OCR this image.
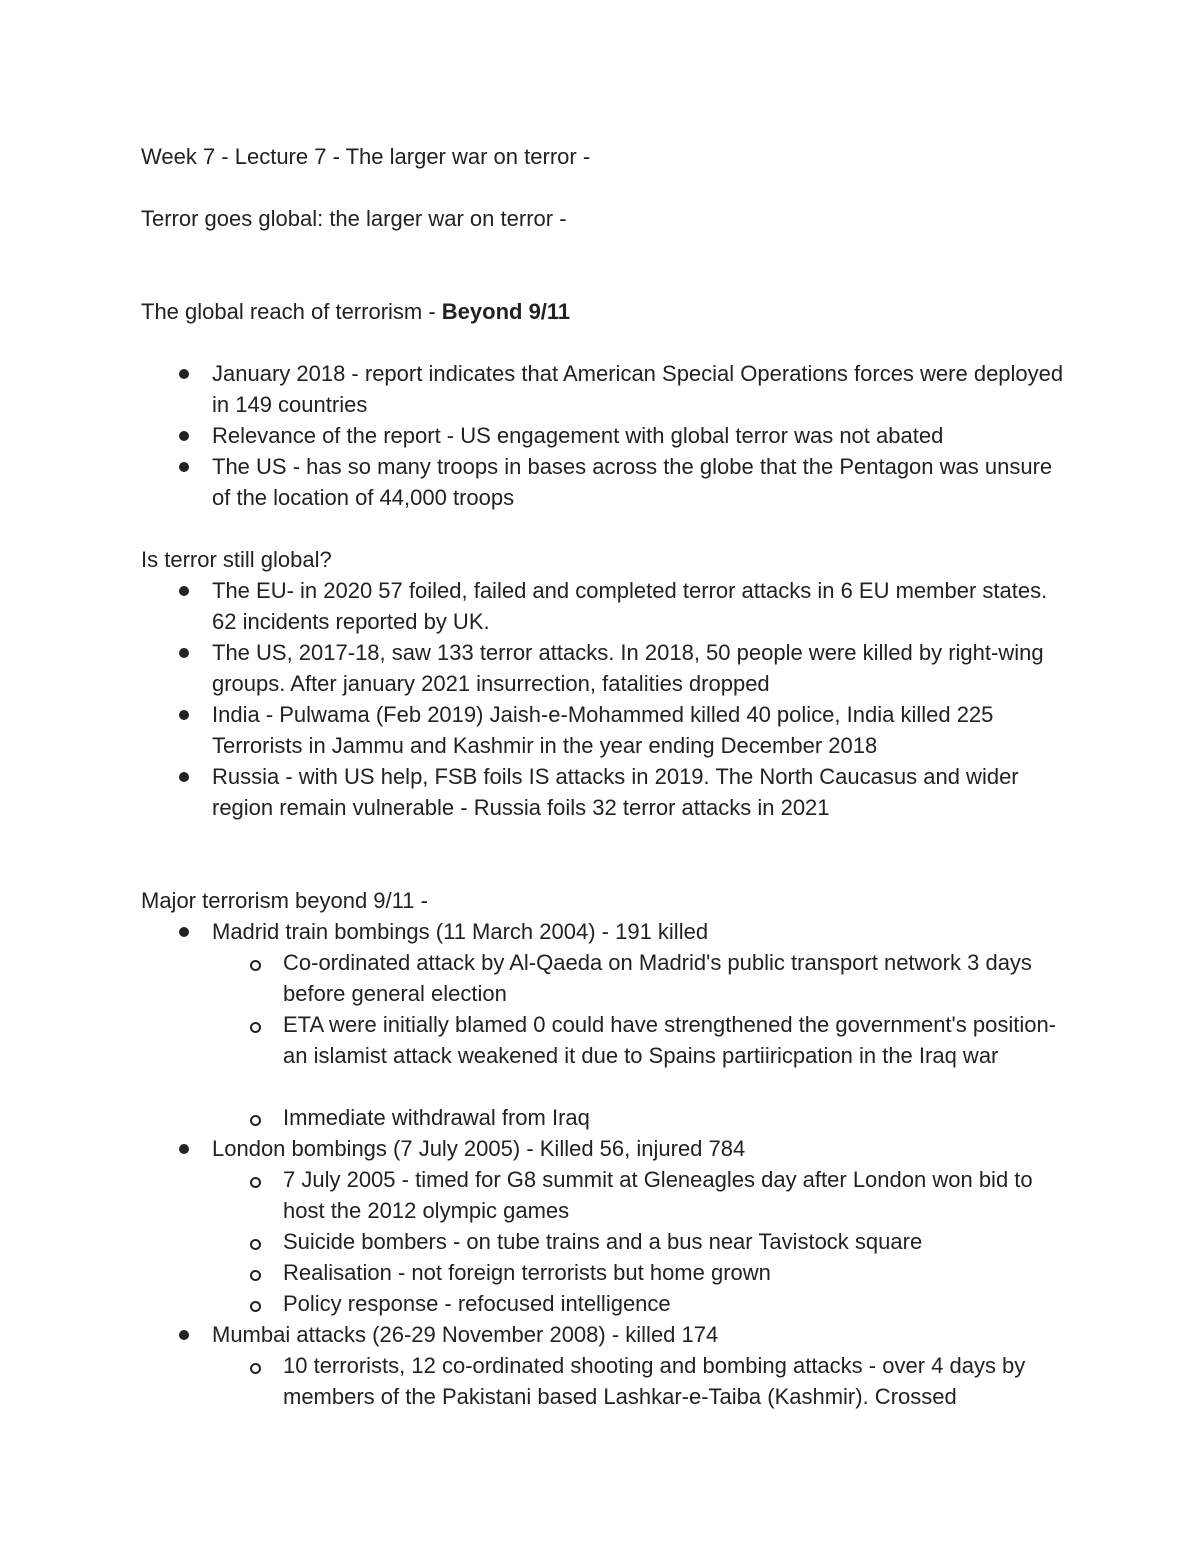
Week 7 - Lecture 7 - The larger war on terror -
Terror goes global: the larger war on terror -
The global reach of terrorism - Beyond 9/11
January 2018 - report indicates that American Special Operations forces were deployed in 149 countries
Relevance of the report - US engagement with global terror was not abated
The US - has so many troops in bases across the globe that the Pentagon was unsure of the location of 44,000 troops
Is terror still global?
The EU- in 2020 57 foiled, failed and completed terror attacks in 6 EU member states. 62 incidents reported by UK.
The US, 2017-18, saw 133 terror attacks. In 2018, 50 people were killed by right-wing groups. After january 2021 insurrection, fatalities dropped
India - Pulwama (Feb 2019) Jaish-e-Mohammed killed 40 police, India killed 225 Terrorists in Jammu and Kashmir in the year ending December 2018
Russia - with US help, FSB foils IS attacks in 2019. The North Caucasus and wider region remain vulnerable - Russia foils 32 terror attacks in 2021
Major terrorism beyond 9/11 -
Madrid train bombings (11 March 2004) - 191 killed
Co-ordinated attack by Al-Qaeda on Madrid's public transport network 3 days before general election
ETA were initially blamed 0 could have strengthened the government's position- an islamist attack weakened it due to Spains partiiricpation in the Iraq war
Immediate withdrawal from Iraq
London bombings (7 July 2005) - Killed 56, injured 784
7 July 2005 - timed for G8 summit at Gleneagles day after London won bid to host the 2012 olympic games
Suicide bombers - on tube trains and a bus near Tavistock square
Realisation - not foreign terrorists but home grown
Policy response - refocused intelligence
Mumbai attacks (26-29 November 2008) - killed 174
10 terrorists, 12 co-ordinated shooting and bombing attacks - over 4 days by members of the Pakistani based Lashkar-e-Taiba (Kashmir). Crossed
